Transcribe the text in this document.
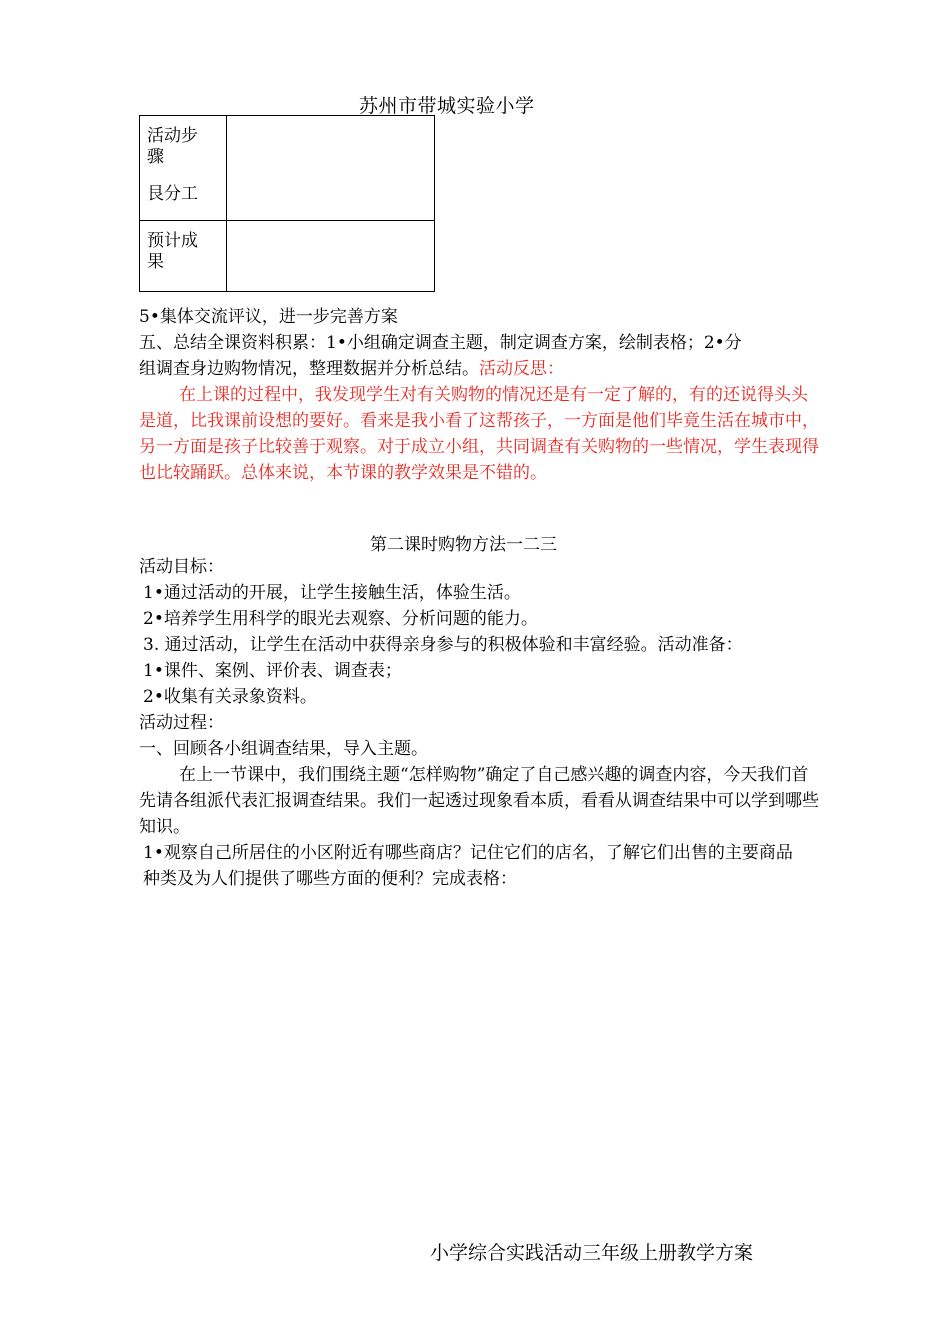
苏州市带城实验小学
活动步
骤
艮分工	

预计成
果	

5•集体交流评议，进一步完善方案

五、总结全课资料积累：1•小组确定调查主题，制定调查方案，绘制表格；2•分

组调查身边购物情况，整理数据并分析总结。活动反思：

在上课的过程中，我发现学生对有关购物的情况还是有一定了解的，有的还说得头头是道，比我课前设想的要好。看来是我小看了这帮孩子，一方面是他们毕竟生活在城市中，另一方面是孩子比较善于观察。对于成立小组，共同调查有关购物的一些情况，学生表现得也比较踊跃。总体来说，本节课的教学效果是不错的。

第二课时购物方法一二三

活动目标：

1•通过活动的开展，让学生接触生活，体验生活。

2•培养学生用科学的眼光去观察、分析问题的能力。

3. 通过活动，让学生在活动中获得亲身参与的积极体验和丰富经验。活动准备：

1•课件、案例、评价表、调查表；

2•收集有关录象资料。

活动过程：

一、回顾各小组调查结果，导入主题。

在上一节课中，我们围绕主题“怎样购物”确定了自己感兴趣的调查内容，今天我们首先请各组派代表汇报调查结果。我们一起透过现象看本质，看看从调查结果中可以学到哪些知识。

1•观察自己所居住的小区附近有哪些商店？记住它们的店名，了解它们出售的主要商品种类及为人们提供了哪些方面的便利？完成表格：

小学综合实践活动三年级上册教学方案
